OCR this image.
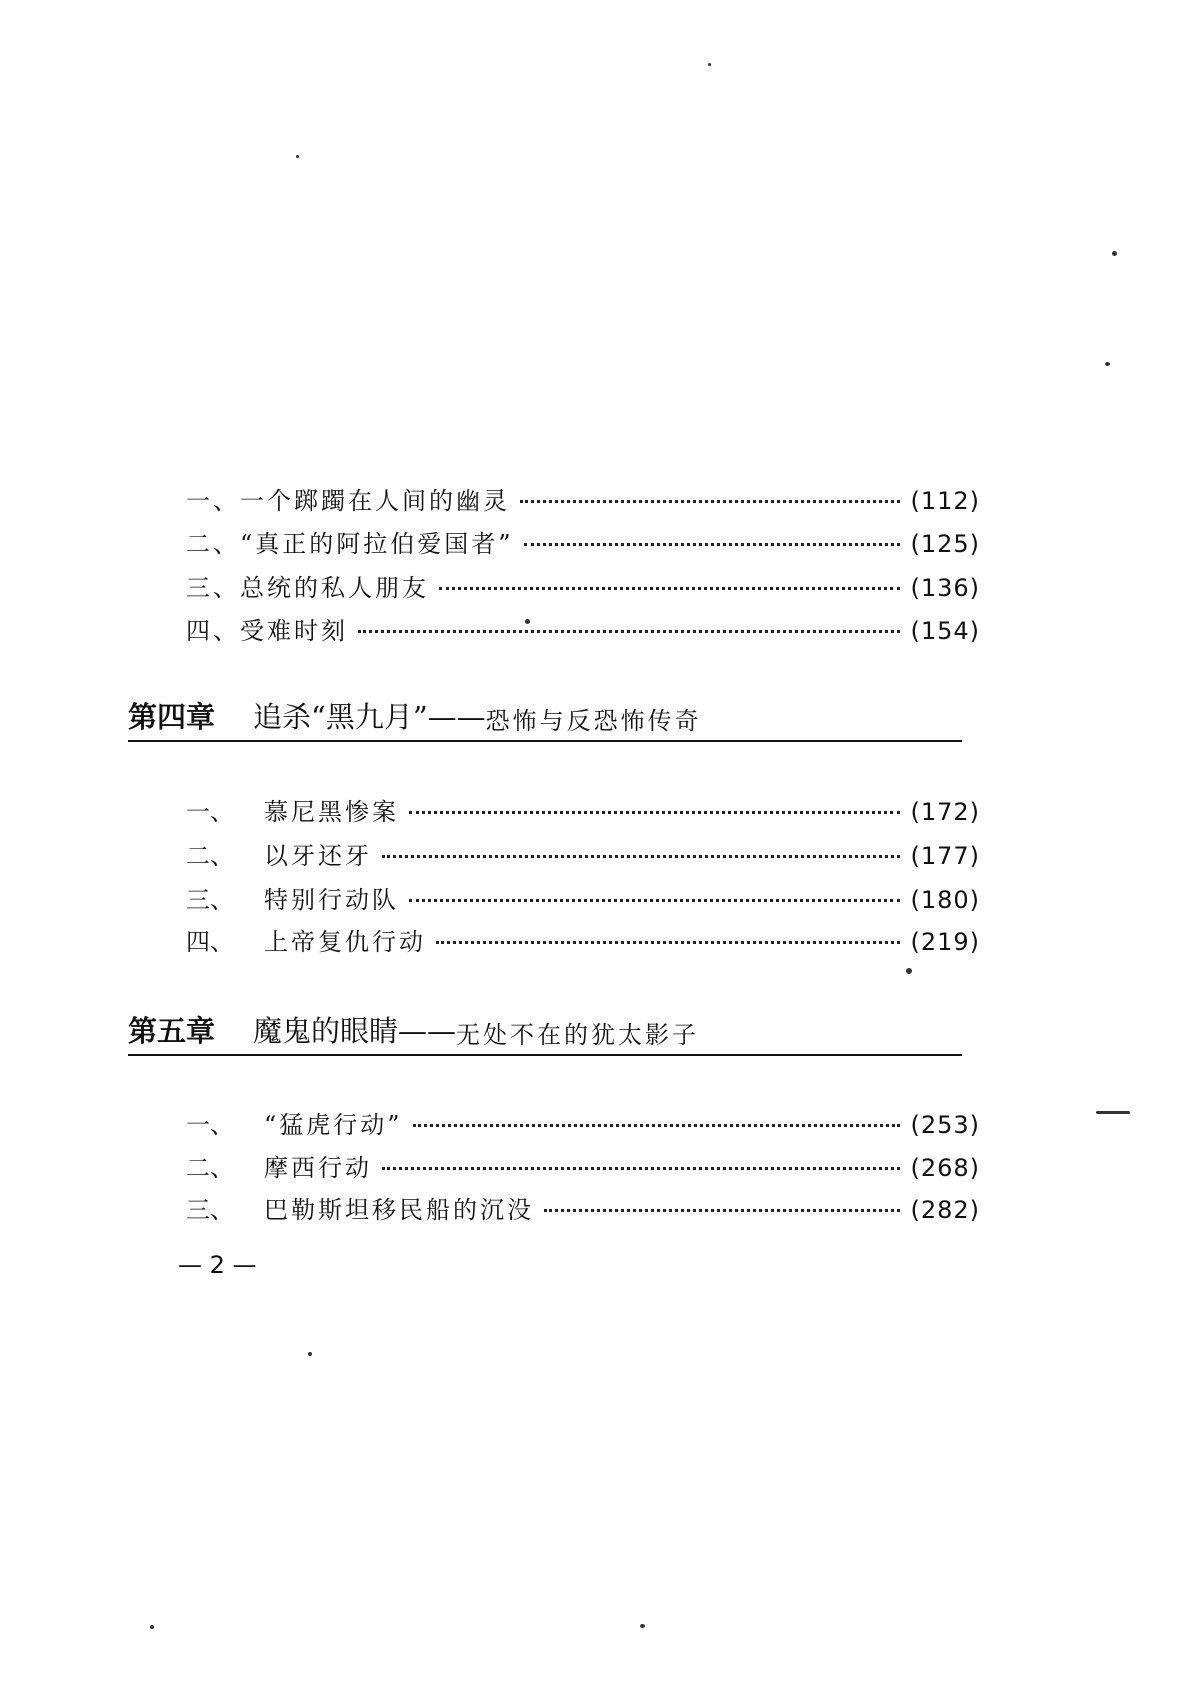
一、一个踯躅在人间的幽灵	(112)
二、“真正的阿拉伯爱国者”	(125)
三、总统的私人朋友	(136)
四、受难时刻	(154)
第四章 追杀“黑九月”—— 恐怖与反恐怖传奇
一、	慕尼黑惨案	(172)
二、	以牙还牙	(177)
三、	特别行动队	(180)
四、	上帝复仇行动	(219)
第五章 魔鬼的眼睛—— 无处不在的犹太影子
一、	“猛虎行动”	(253)
二、	摩西行动	(268)
三、	巴勒斯坦移民船的沉没	(282)
— 2 —
